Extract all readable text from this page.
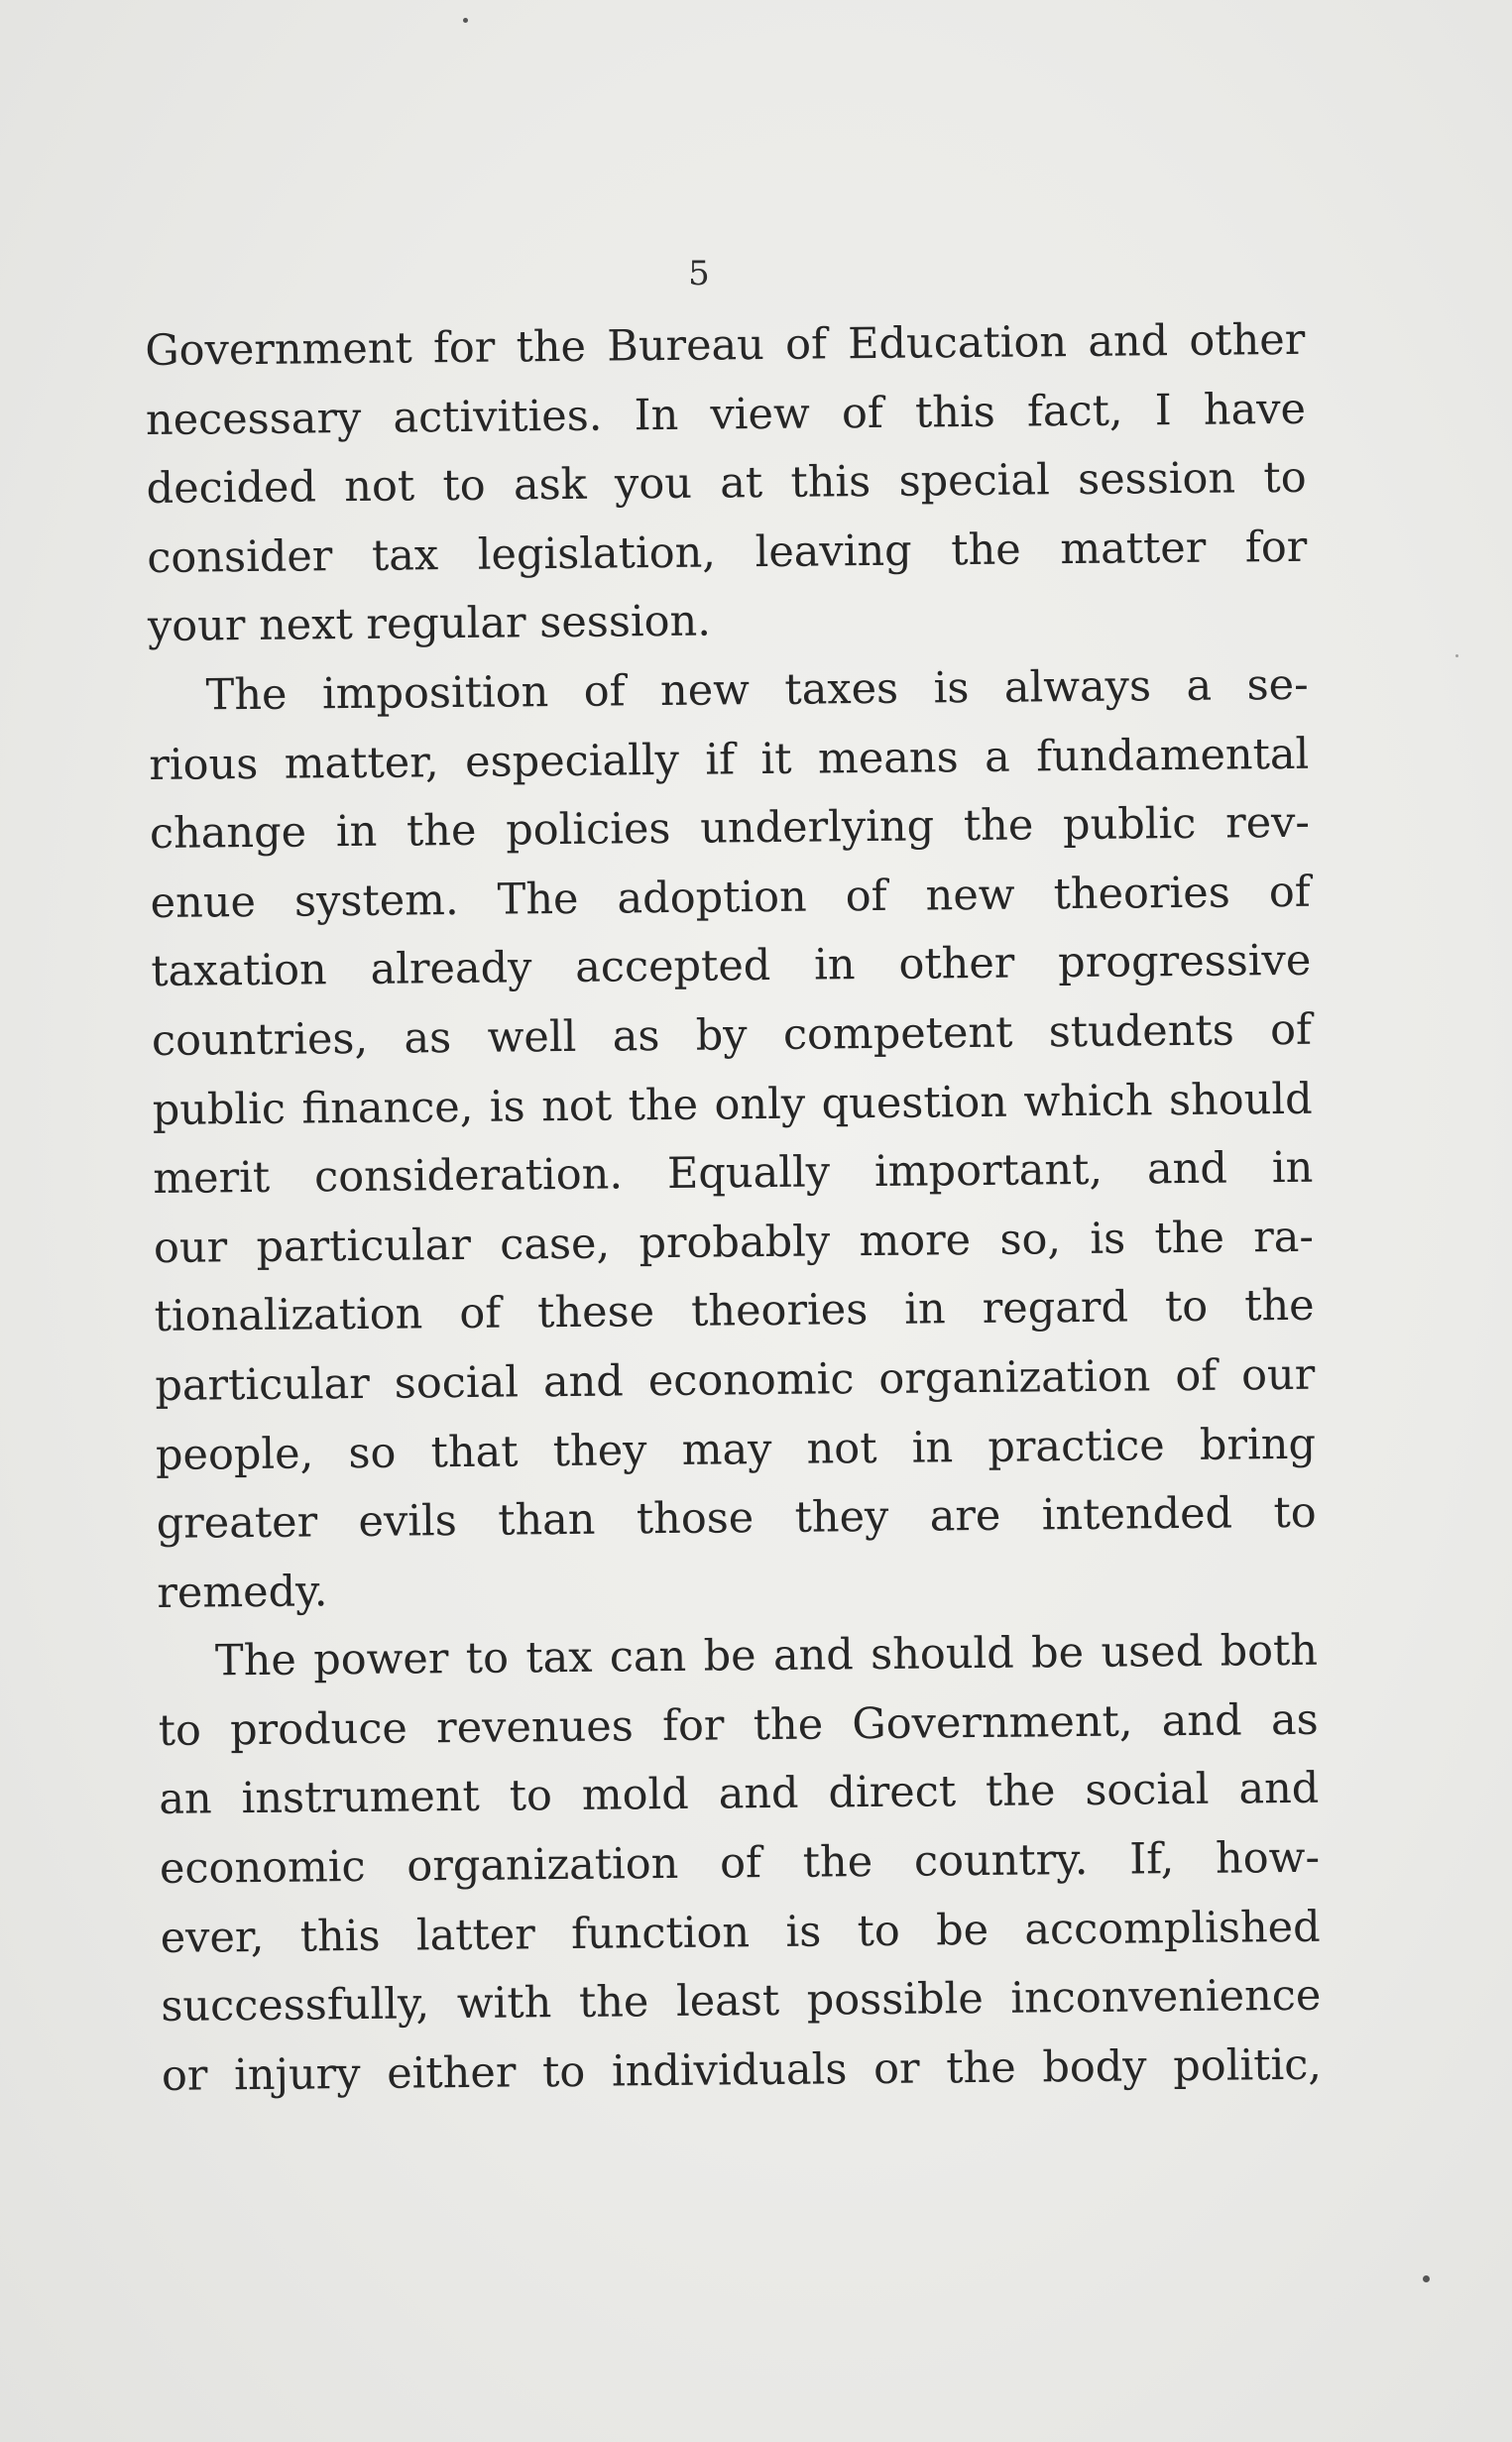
5
Government for the Bureau of Education and other
necessary activities. In view of this fact, I have
decided not to ask you at this special session to
consider tax legislation, leaving the matter for
your next regular session.
The imposition of new taxes is always a se-
rious matter, especially if it means a fundamental
change in the policies underlying the public rev-
enue system. The adoption of new theories of
taxation already accepted in other progressive
countries, as well as by competent students of
public finance, is not the only question which should
merit consideration. Equally important, and in
our particular case, probably more so, is the ra-
tionalization of these theories in regard to the
particular social and economic organization of our
people, so that they may not in practice bring
greater evils than those they are intended to
remedy.
The power to tax can be and should be used both
to produce revenues for the Government, and as
an instrument to mold and direct the social and
economic organization of the country. If, how-
ever, this latter function is to be accomplished
successfully, with the least possible inconvenience
or injury either to individuals or the body politic,
